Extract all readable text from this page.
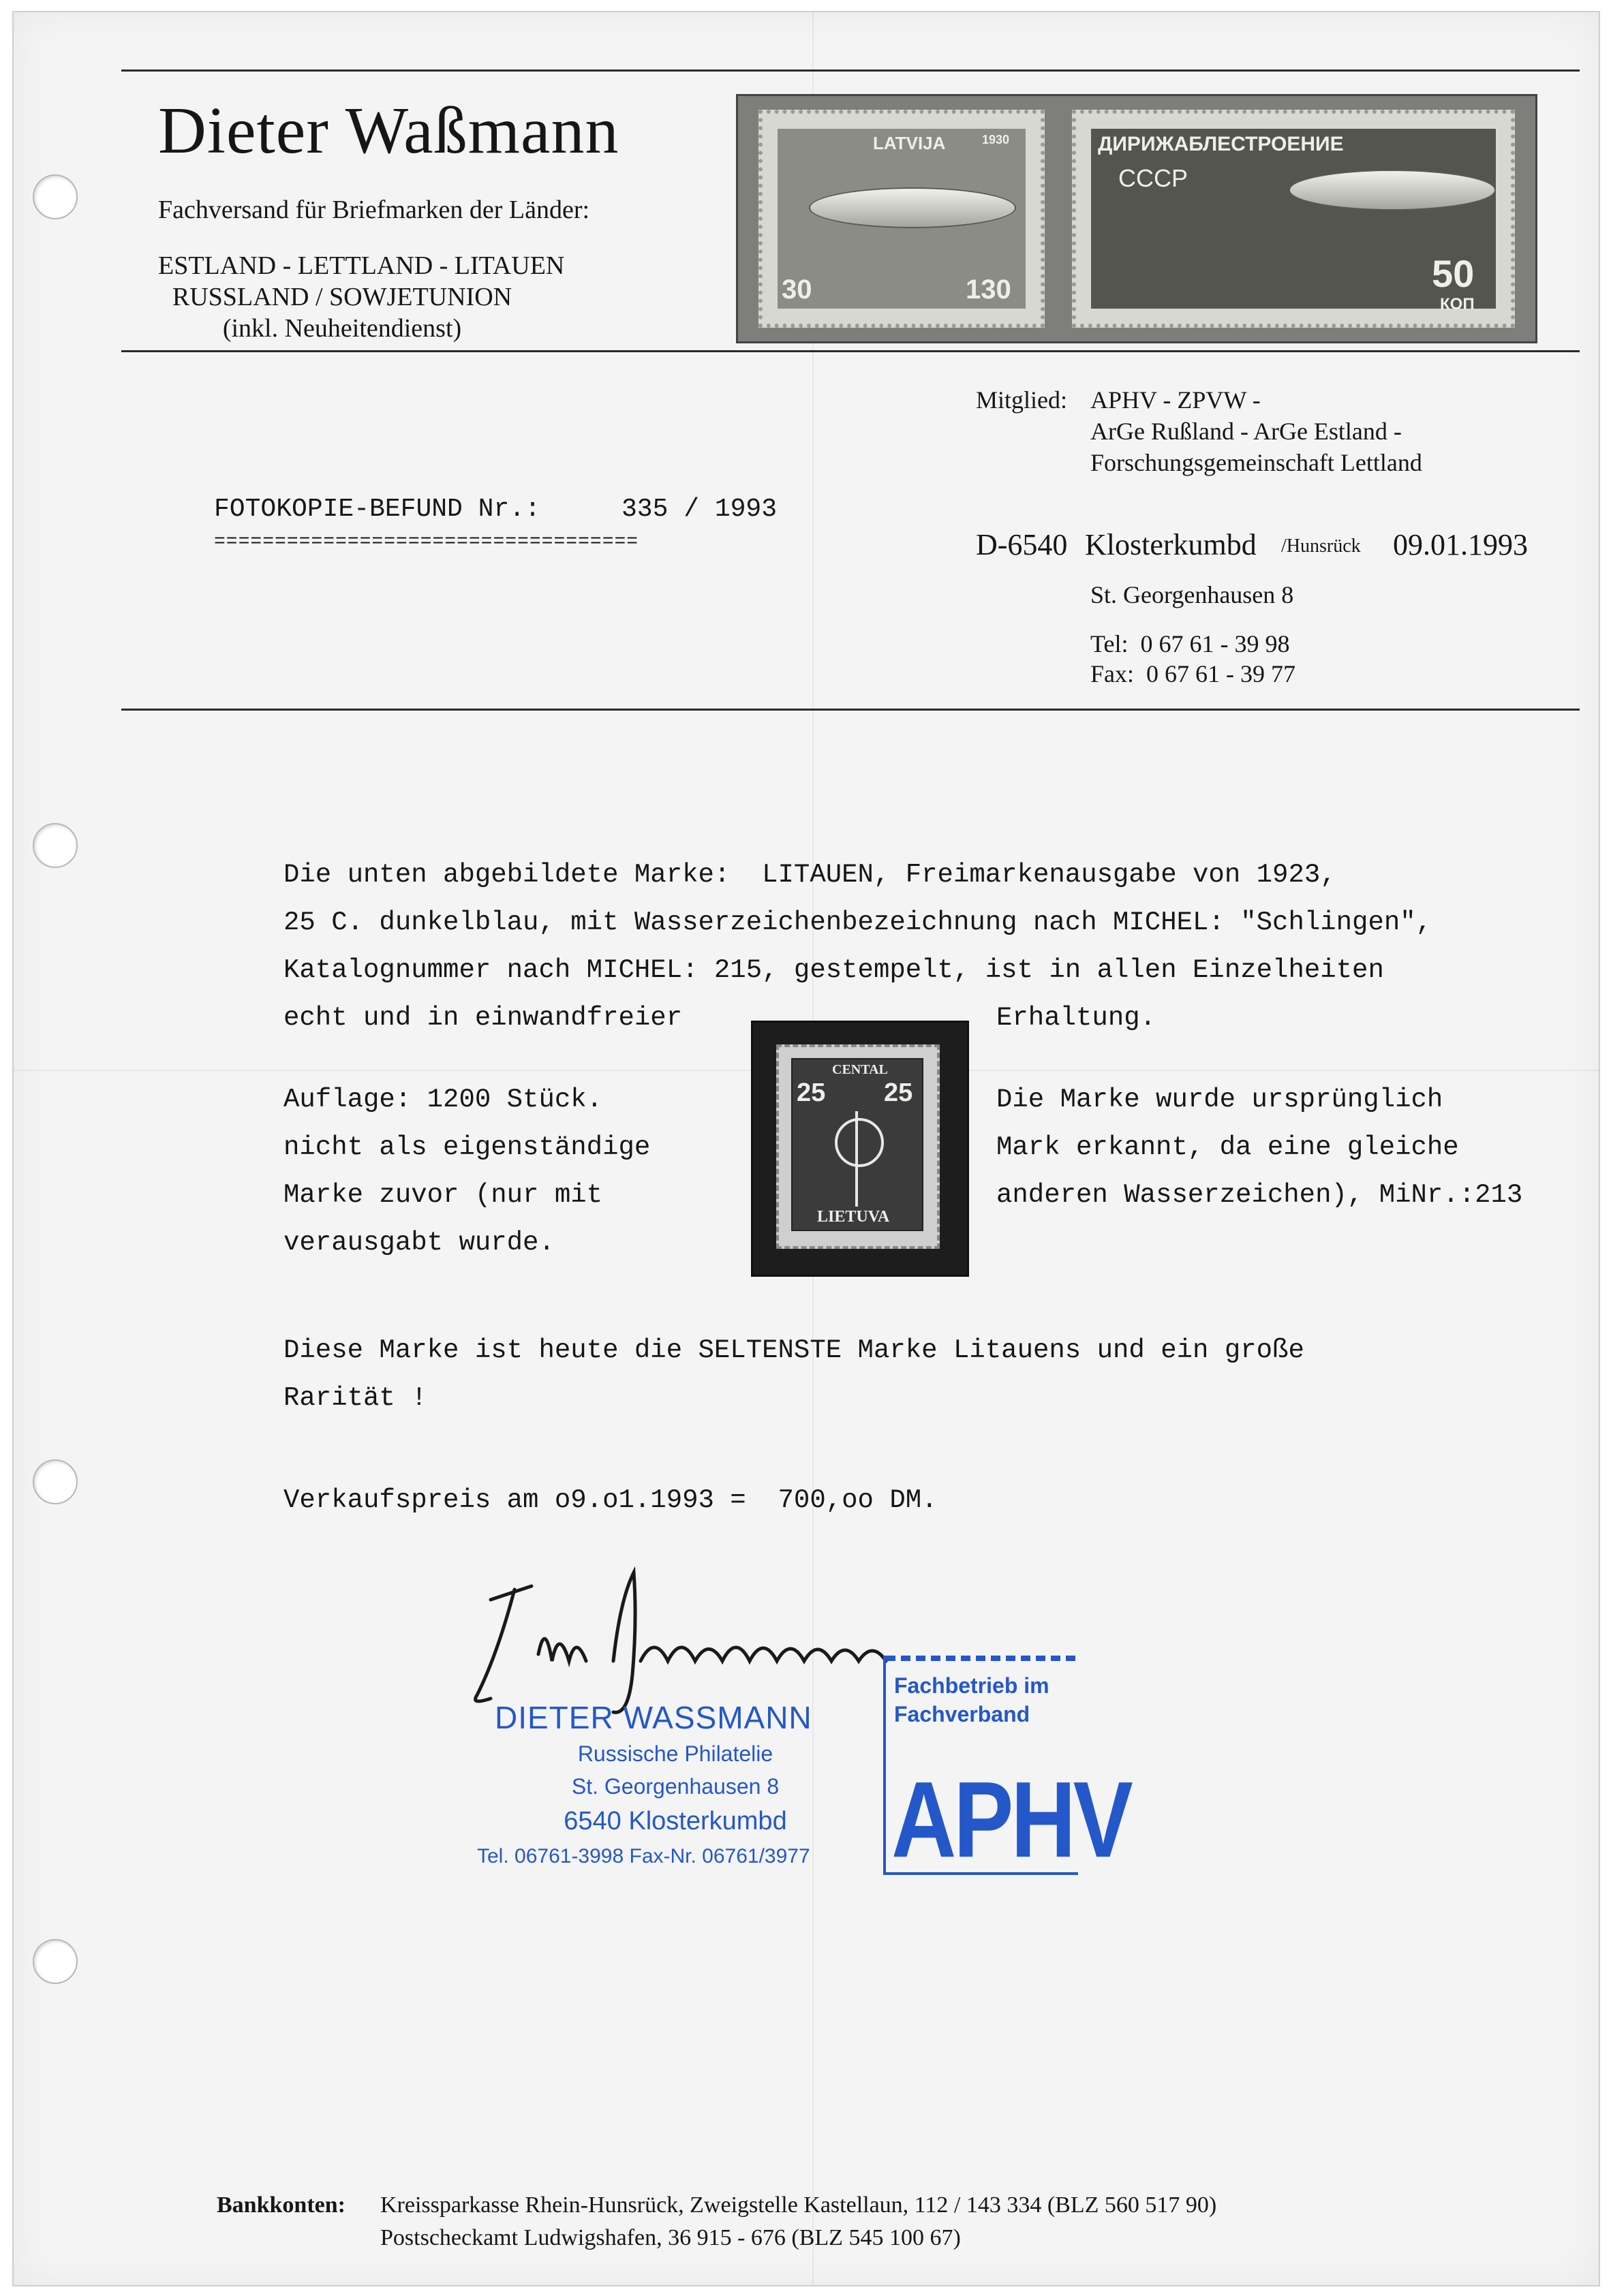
Dieter Waßmann
Fachversand für Briefmarken der Länder:
ESTLAND - LETTLAND - LITAUEN
RUSSLAND / SOWJETUNION
(inkl. Neuheitendienst)
LATVIJA	1930
30	130
ДИРИЖАБЛЕСТРОЕНИЕ
СССР
50
КОП
Mitglied: APHV - ZPVW -
ArGe Rußland - ArGe Estland -
Forschungsgemeinschaft Lettland
FOTOKOPIE-BEFUND Nr.:	335 / 1993
===================================	D-6540 Klosterkumbd /Hunsrück 09.01.1993
St. Georgenhausen 8
Tel:  0 67 61 - 39 98
Fax:  0 67 61 - 39 77
Die unten abgebildete Marke:  LITAUEN, Freimarkenausgabe von 1923,
25 C. dunkelblau, mit Wasserzeichenbezeichnung nach MICHEL: "Schlingen",
Katalognummer nach MICHEL: 215, gestempelt, ist in allen Einzelheiten
echt und in einwandfreier	Erhaltung.
Auflage: 1200 Stück.
nicht als eigenständige
Marke zuvor (nur mit
verausgabt wurde.
Die Marke wurde ursprünglich
Mark erkannt, da eine gleiche
anderen Wasserzeichen), MiNr.:213
CENTAL
25 25
LIETUVA
Diese Marke ist heute die SELTENSTE Marke Litauens und ein große
Rarität !
Verkaufspreis am o9.o1.1993 =  700,oo DM.
DIETER WASSMANN
Russische Philatelie
St. Georgenhausen 8
6540 Klosterkumbd
Tel. 06761-3998 Fax-Nr. 06761/3977
Fachbetrieb im
Fachverband
APHV
Bankkonten: Kreissparkasse Rhein-Hunsrück, Zweigstelle Kastellaun, 112 / 143 334 (BLZ 560 517 90)
Postscheckamt Ludwigshafen, 36 915 - 676 (BLZ 545 100 67)
